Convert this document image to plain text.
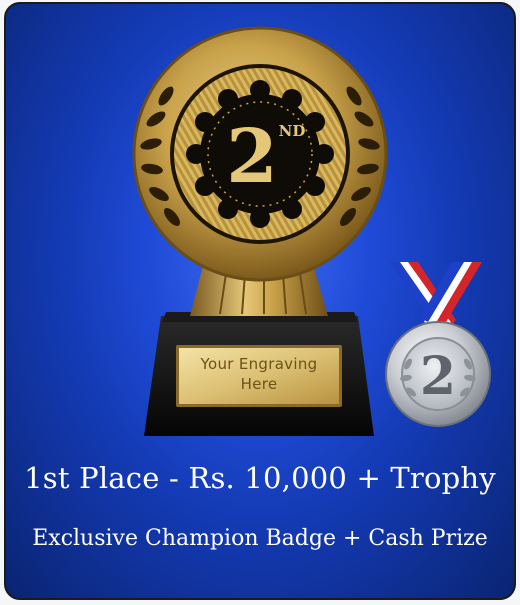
2 ND
2
Your Engraving
Here
1st Place - Rs. 10,000 + Trophy
Exclusive Champion Badge + Cash Prize
